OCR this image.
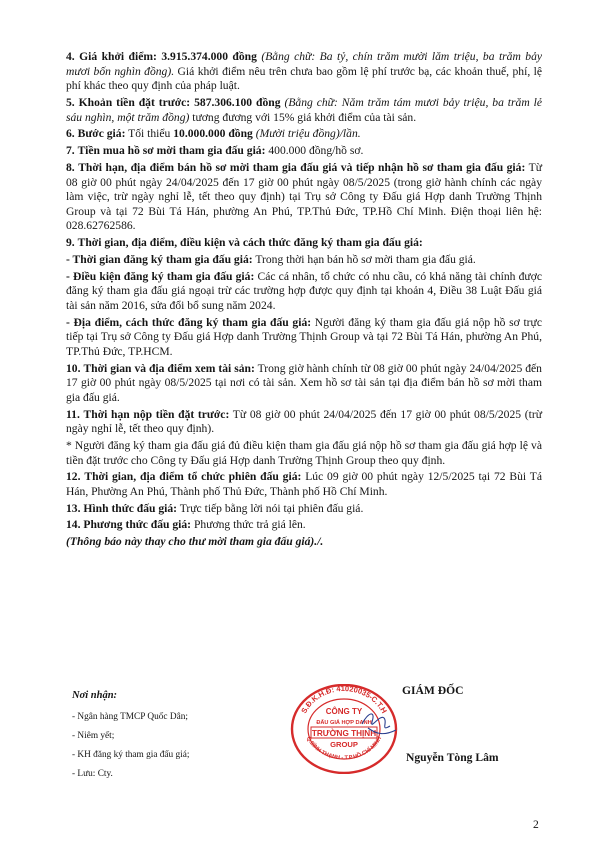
4. Giá khởi điểm: 3.915.374.000 đồng (Bằng chữ: Ba tỷ, chín trăm mười lăm triệu, ba trăm bảy mươi bốn nghìn đồng). Giá khởi điểm nêu trên chưa bao gồm lệ phí trước bạ, các khoản thuế, phí, lệ phí khác theo quy định của pháp luật.

5. Khoản tiền đặt trước: 587.306.100 đồng (Bằng chữ: Năm trăm tám mươi bảy triệu, ba trăm lẻ sáu nghìn, một trăm đồng) tương đương với 15% giá khởi điểm của tài sản.

6. Bước giá: Tối thiểu 10.000.000 đồng (Mười triệu đồng)/lần.

7. Tiền mua hồ sơ mời tham gia đấu giá: 400.000 đồng/hồ sơ.

8. Thời hạn, địa điểm bán hồ sơ mời tham gia đấu giá và tiếp nhận hồ sơ tham gia đấu giá: Từ 08 giờ 00 phút ngày 24/04/2025 đến 17 giờ 00 phút ngày 08/5/2025 (trong giờ hành chính các ngày làm việc, trừ ngày nghỉ lễ, tết theo quy định) tại Trụ sở Công ty Đấu giá Hợp danh Trường Thịnh Group và tại 72 Bùi Tá Hán, phường An Phú, TP.Thủ Đức, TP.Hồ Chí Minh. Điện thoại liên hệ: 028.62762586.

9. Thời gian, địa điểm, điều kiện và cách thức đăng ký tham gia đấu giá:

- Thời gian đăng ký tham gia đấu giá: Trong thời hạn bán hồ sơ mời tham gia đấu giá.

- Điều kiện đăng ký tham gia đấu giá: Các cá nhân, tổ chức có nhu cầu, có khả năng tài chính được đăng ký tham gia đấu giá ngoại trừ các trường hợp được quy định tại khoản 4, Điều 38 Luật Đấu giá tài sản năm 2016, sửa đổi bổ sung năm 2024.

- Địa điểm, cách thức đăng ký tham gia đấu giá: Người đăng ký tham gia đấu giá nộp hồ sơ trực tiếp tại Trụ sở Công ty Đấu giá Hợp danh Trường Thịnh Group và tại 72 Bùi Tá Hán, phường An Phú, TP.Thủ Đức, TP.HCM.

10. Thời gian và địa điểm xem tài sản: Trong giờ hành chính từ 08 giờ 00 phút ngày 24/04/2025 đến 17 giờ 00 phút ngày 08/5/2025 tại nơi có tài sản. Xem hồ sơ tài sản tại địa điểm bán hồ sơ mời tham gia đấu giá.

11. Thời hạn nộp tiền đặt trước: Từ 08 giờ 00 phút 24/04/2025 đến 17 giờ 00 phút 08/5/2025 (trừ ngày nghỉ lễ, tết theo quy định).

* Người đăng ký tham gia đấu giá đủ điều kiện tham gia đấu giá nộp hồ sơ tham gia đấu giá hợp lệ và tiền đặt trước cho Công ty Đấu giá Hợp danh Trường Thịnh Group theo quy định.

12. Thời gian, địa điểm tổ chức phiên đấu giá: Lúc 09 giờ 00 phút ngày 12/5/2025 tại 72 Bùi Tá Hán, Phường An Phú, Thành phố Thủ Đức, Thành phố Hồ Chí Minh.

13. Hình thức đấu giá: Trực tiếp bằng lời nói tại phiên đấu giá.

14. Phương thức đấu giá: Phương thức trả giá lên.

(Thông báo này thay cho thư mời tham gia đấu giá)./.

Nơi nhận:
- Ngân hàng TMCP Quốc Dân;
- Niêm yết;
- KH đăng ký tham gia đấu giá;
- Lưu: Cty.
S.Đ.K.H.Đ: 41020035-C.T.H
Q.BÌNH THẠNH - T.P.HỒ CHÍ MINH
CÔNG TY
ĐẤU GIÁ HỢP DANH
TRƯỜNG THỊNH
GROUP
GIÁM ĐỐC
Nguyễn Tòng Lâm
2
